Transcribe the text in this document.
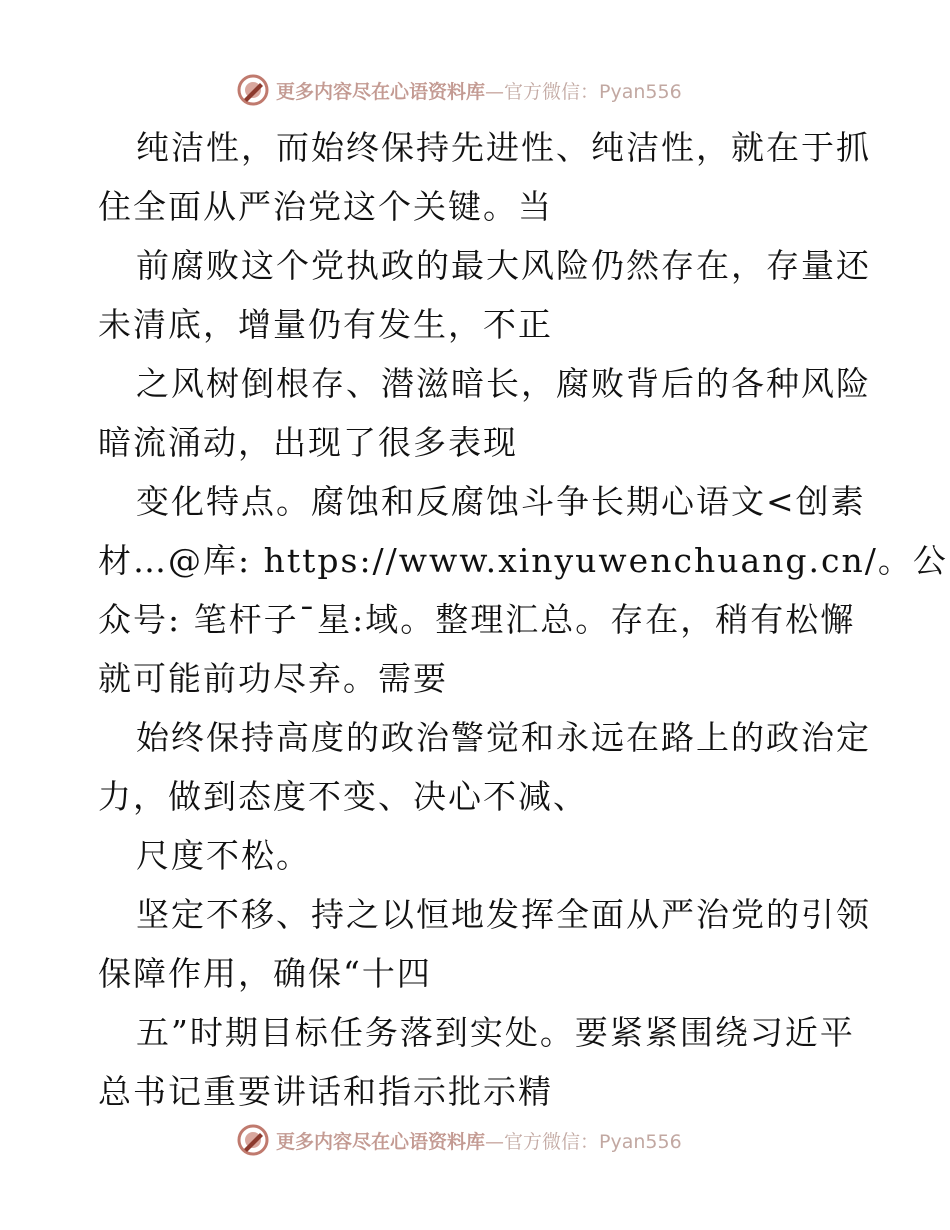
更多内容尽在心语资料库—官方微信：Pyan556
纯洁性，而始终保持先进性、纯洁性，就在于抓
住全面从严治党这个关键。当
前腐败这个党执政的最大风险仍然存在，存量还
未清底，增量仍有发生，不正
之风树倒根存、潜滋暗长，腐败背后的各种风险
暗流涌动，出现了很多表现
变化特点。腐蚀和反腐蚀斗争长期心语文<创素
材…@库: https://www.xinyuwenchuang.cn/。公
众号: 笔杆子¯星:域。整理汇总。存在，稍有松懈
就可能前功尽弃。需要
始终保持高度的政治警觉和永远在路上的政治定
力，做到态度不变、决心不减、
尺度不松。
坚定不移、持之以恒地发挥全面从严治党的引领
保障作用，确保“十四
五”时期目标任务落到实处。要紧紧围绕习近平
总书记重要讲话和指示批示精
更多内容尽在心语资料库—官方微信：Pyan556
